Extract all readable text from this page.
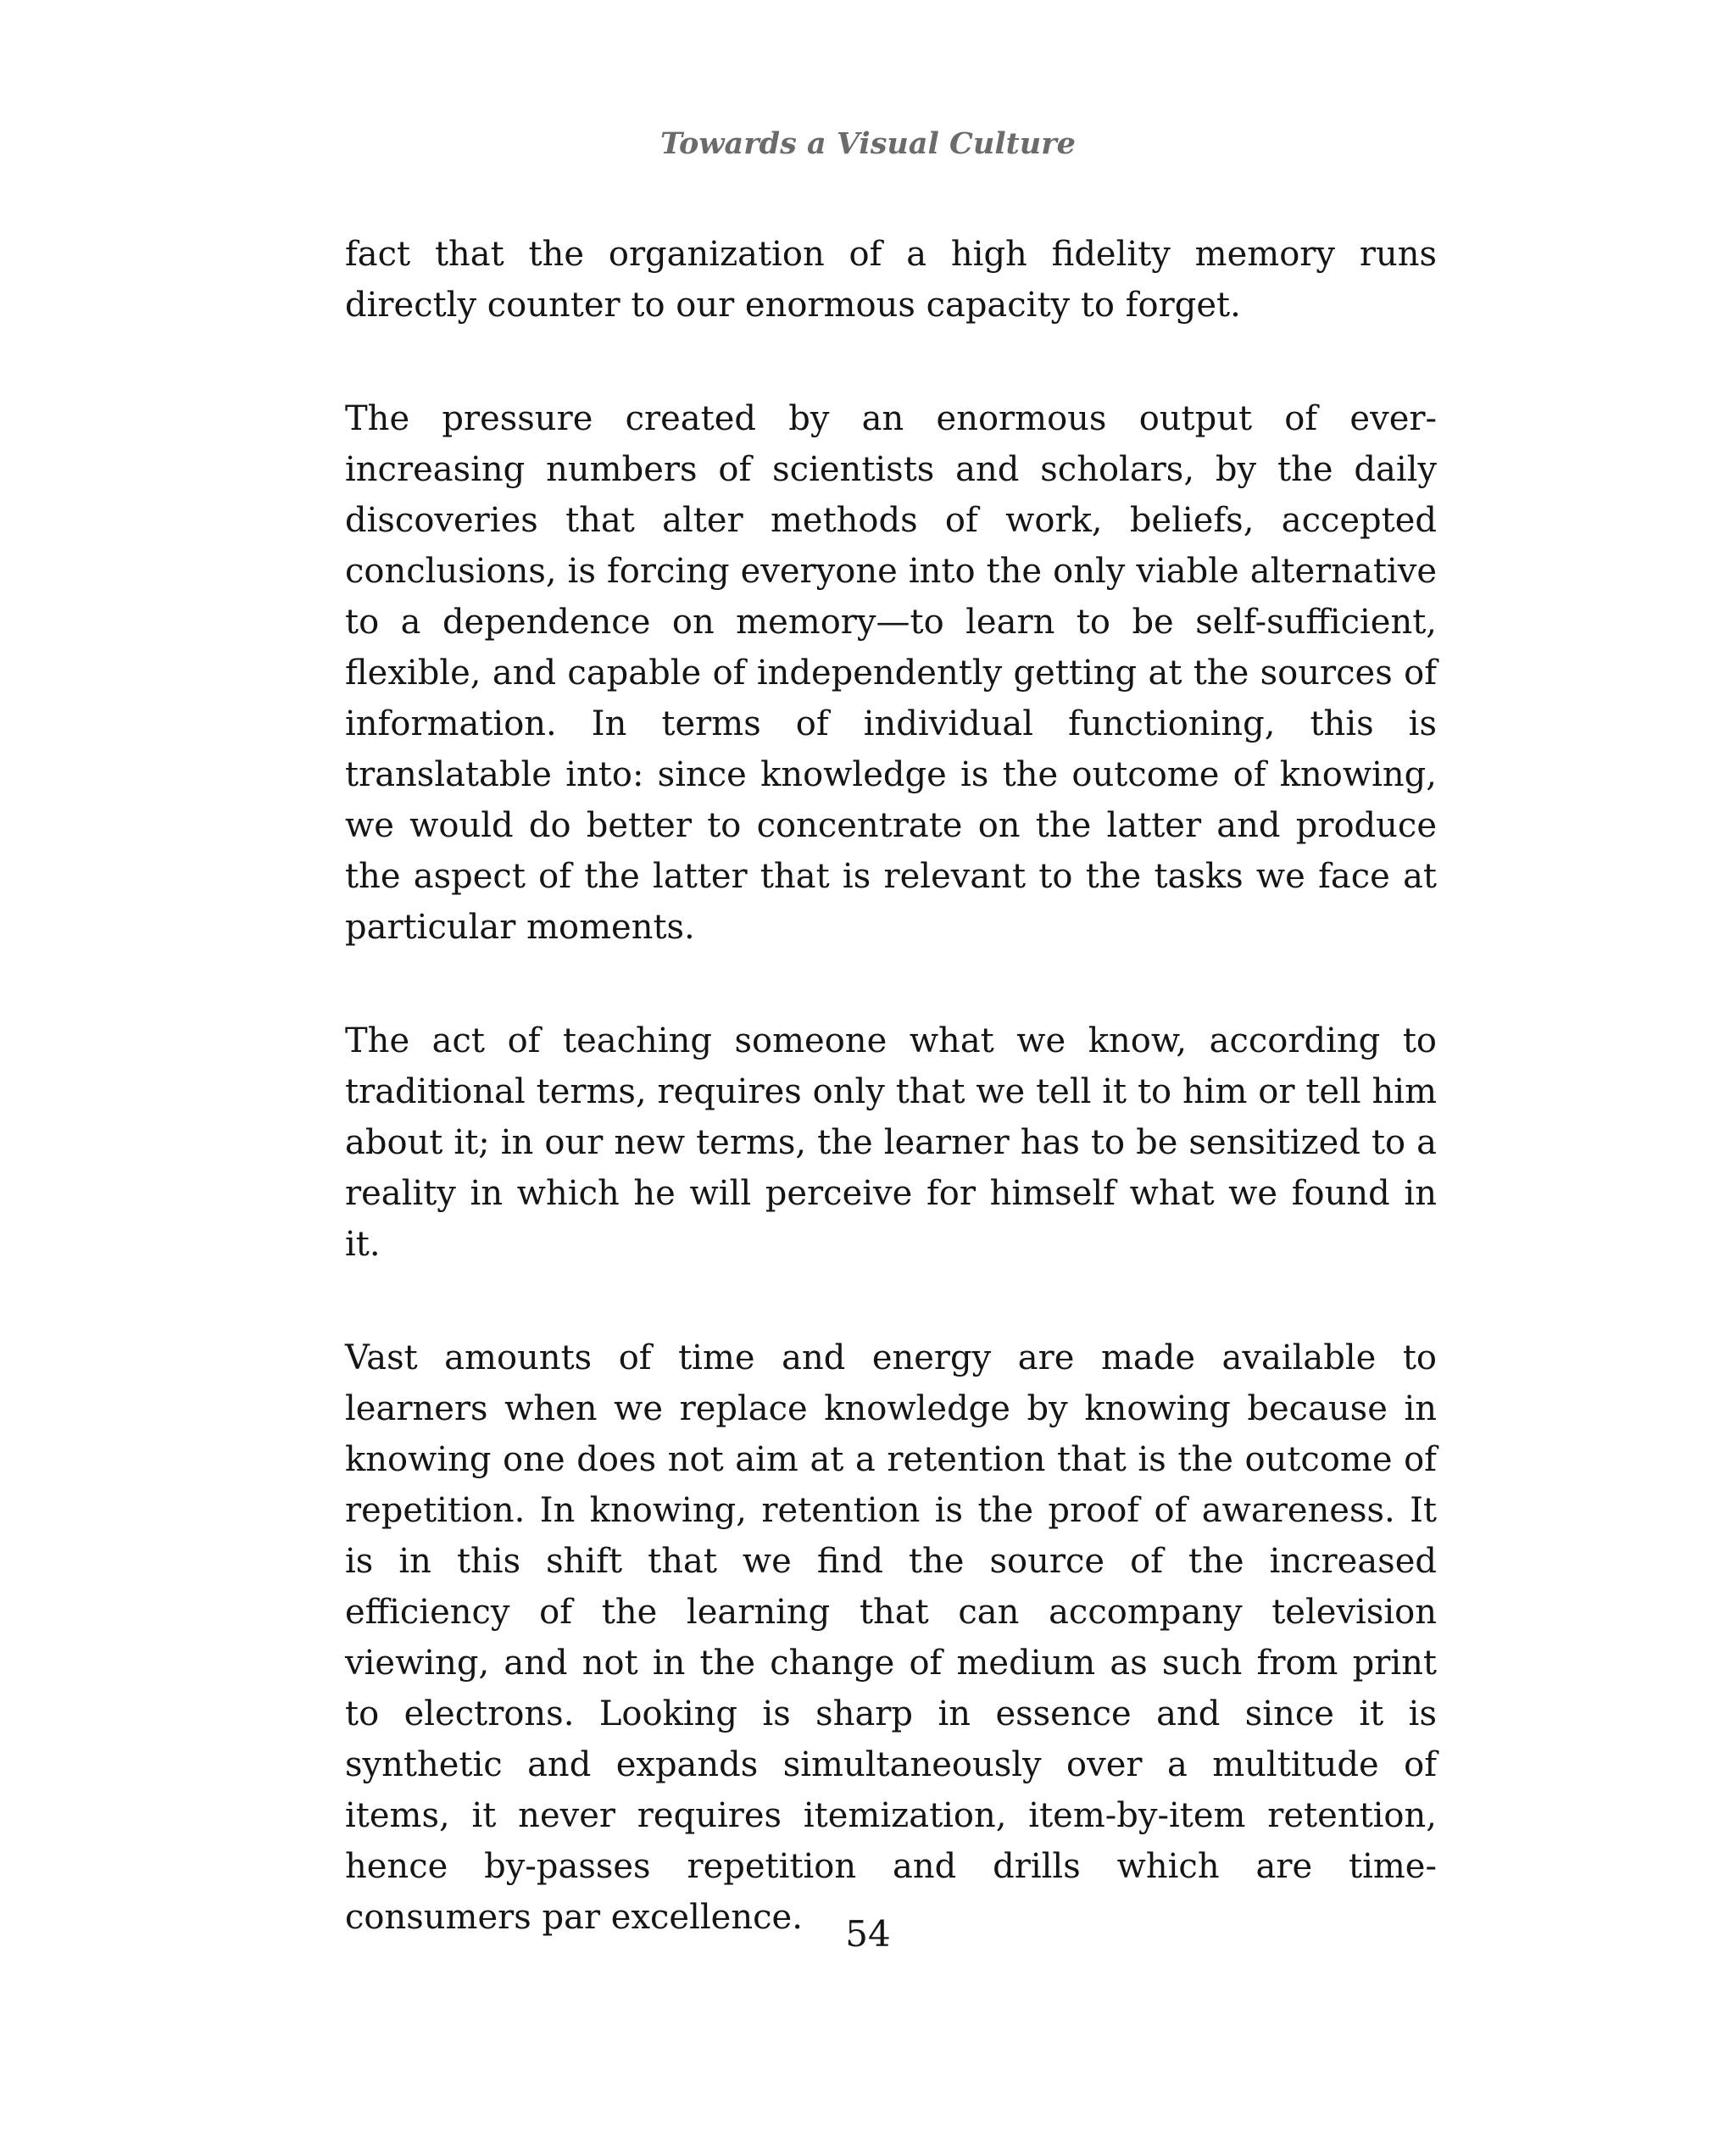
Towards a Visual Culture

fact that the organization of a high fidelity memory runs directly counter to our enormous capacity to forget.

The pressure created by an enormous output of ever-increasing numbers of scientists and scholars, by the daily discoveries that alter methods of work, beliefs, accepted conclusions, is forcing everyone into the only viable alternative to a dependence on memory—to learn to be self-sufficient, flexible, and capable of independently getting at the sources of information. In terms of individual functioning, this is translatable into: since knowledge is the outcome of knowing, we would do better to concentrate on the latter and produce the aspect of the latter that is relevant to the tasks we face at particular moments.

The act of teaching someone what we know, according to traditional terms, requires only that we tell it to him or tell him about it; in our new terms, the learner has to be sensitized to a reality in which he will perceive for himself what we found in it.

Vast amounts of time and energy are made available to learners when we replace knowledge by knowing because in knowing one does not aim at a retention that is the outcome of repetition. In knowing, retention is the proof of awareness. It is in this shift that we find the source of the increased efficiency of the learning that can accompany television viewing, and not in the change of medium as such from print to electrons. Looking is sharp in essence and since it is synthetic and expands simultaneously over a multitude of items, it never requires itemization, item-by-item retention, hence by-passes repetition and drills which are time-consumers par excellence.	54
